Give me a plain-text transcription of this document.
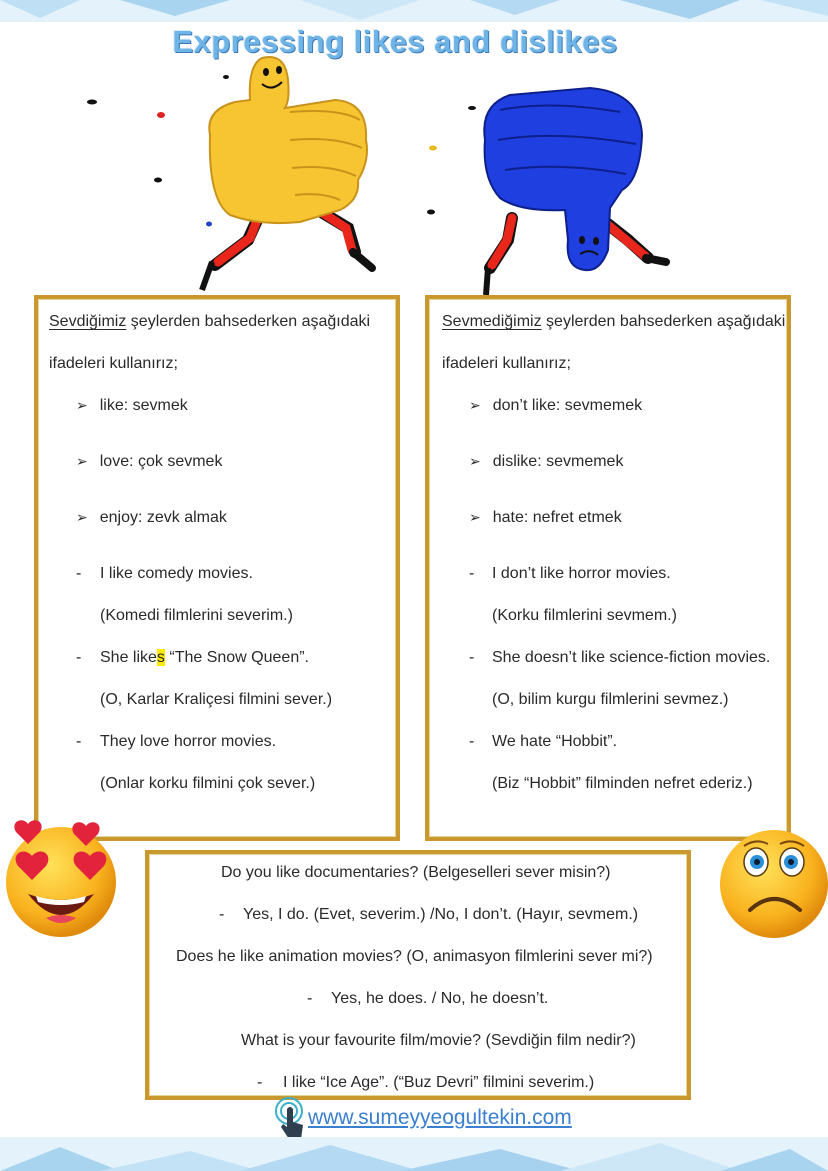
Expressing likes and dislikes
Sevdiğimiz şeylerden bahsederken aşağıdaki
ifadeleri kullanırız;
➢ like: sevmek
➢ love: çok sevmek
➢ enjoy: zevk almak
- I like comedy movies.
(Komedi filmlerini severim.)
- She likes “The Snow Queen”.
(O, Karlar Kraliçesi filmini sever.)
- They love horror movies.
(Onlar korku filmini çok sever.)
Sevmediğimiz şeylerden bahsederken aşağıdaki
ifadeleri kullanırız;
➢ don’t like: sevmemek
➢ dislike: sevmemek
➢ hate: nefret etmek
- I don’t like horror movies.
(Korku filmlerini sevmem.)
- She doesn’t like science-fiction movies.
(O, bilim kurgu filmlerini sevmez.)
- We hate “Hobbit”.
(Biz “Hobbit” filminden nefret ederiz.)
Do you like documentaries? (Belgeselleri sever misin?)
- Yes, I do. (Evet, severim.) /No, I don’t. (Hayır, sevmem.)
Does he like animation movies? (O, animasyon filmlerini sever mi?)
- Yes, he does. / No, he doesn’t.
What is your favourite film/movie? (Sevdiğin film nedir?)
- I like “Ice Age”. (“Buz Devri” filmini severim.)
www.sumeyyeogultekin.com
